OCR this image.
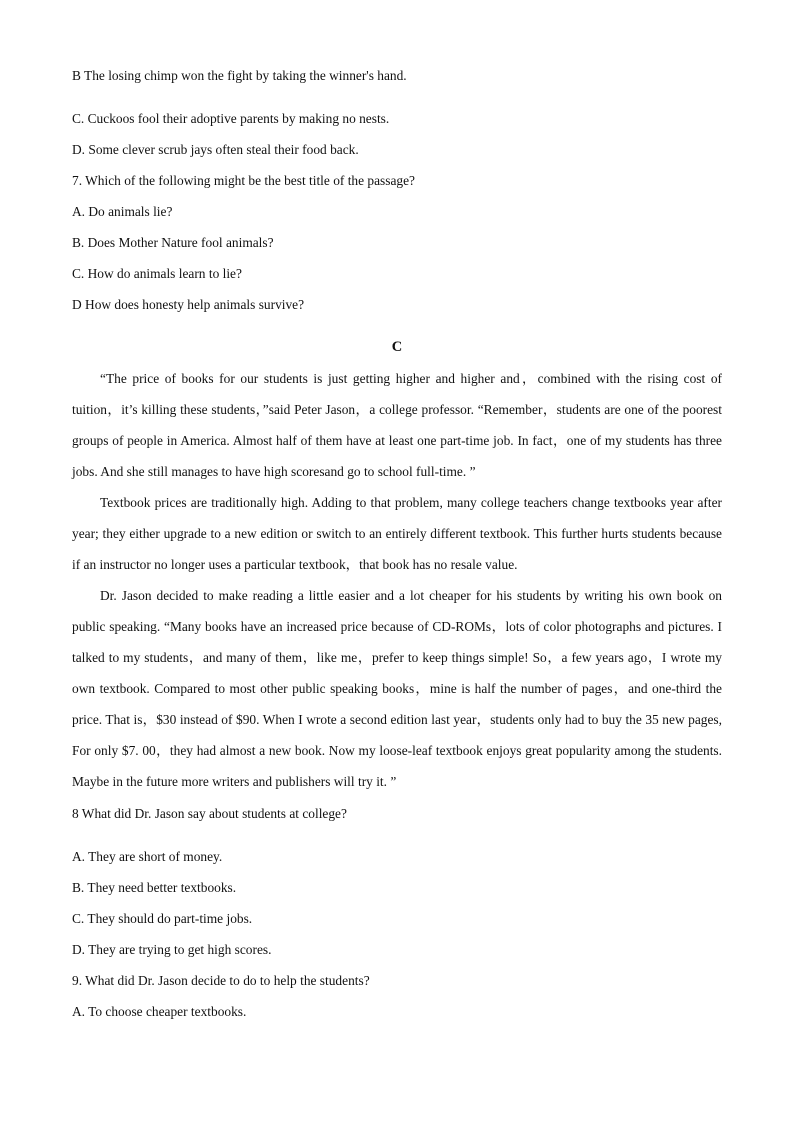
B The losing chimp won the fight by taking the winner's hand.
C. Cuckoos fool their adoptive parents by making no nests.
D. Some clever scrub jays often steal their food back.
7. Which of the following might be the best title of the passage?
A. Do animals lie?
B. Does Mother Nature fool animals?
C. How do animals learn to lie?
D How does honesty help animals survive?
C
“The price of books for our students is just getting higher and higher and，combined with the rising cost of tuition，it’s killing these students，”said Peter Jason，a college professor. “Remember，students are one of the poorest groups of people in America. Almost half of them have at least one part-time job. In fact，one of my students has three jobs. And she still manages to have high scoresand go to school full-time. ”
Textbook prices are traditionally high. Adding to that problem, many college teachers change textbooks year after year; they either upgrade to a new edition or switch to an entirely different textbook. This further hurts students because if an instructor no longer uses a particular textbook，that book has no resale value.
Dr. Jason decided to make reading a little easier and a lot cheaper for his students by writing his own book on public speaking. “Many books have an increased price because of CD-ROMs，lots of color photographs and pictures. I talked to my students，and many of them，like me，prefer to keep things simple! So，a few years ago，I wrote my own textbook. Compared to most other public speaking books，mine is half the number of pages，and one-third the price. That is，$30 instead of $90. When I wrote a second edition last year，students only had to buy the 35 new pages, For only $7. 00，they had almost a new book. Now my loose-leaf textbook enjoys great popularity among the students. Maybe in the future more writers and publishers will try it. ”
8 What did Dr. Jason say about students at college?
A. They are short of money.
B. They need better textbooks.
C. They should do part-time jobs.
D. They are trying to get high scores.
9. What did Dr. Jason decide to do to help the students?
A. To choose cheaper textbooks.
